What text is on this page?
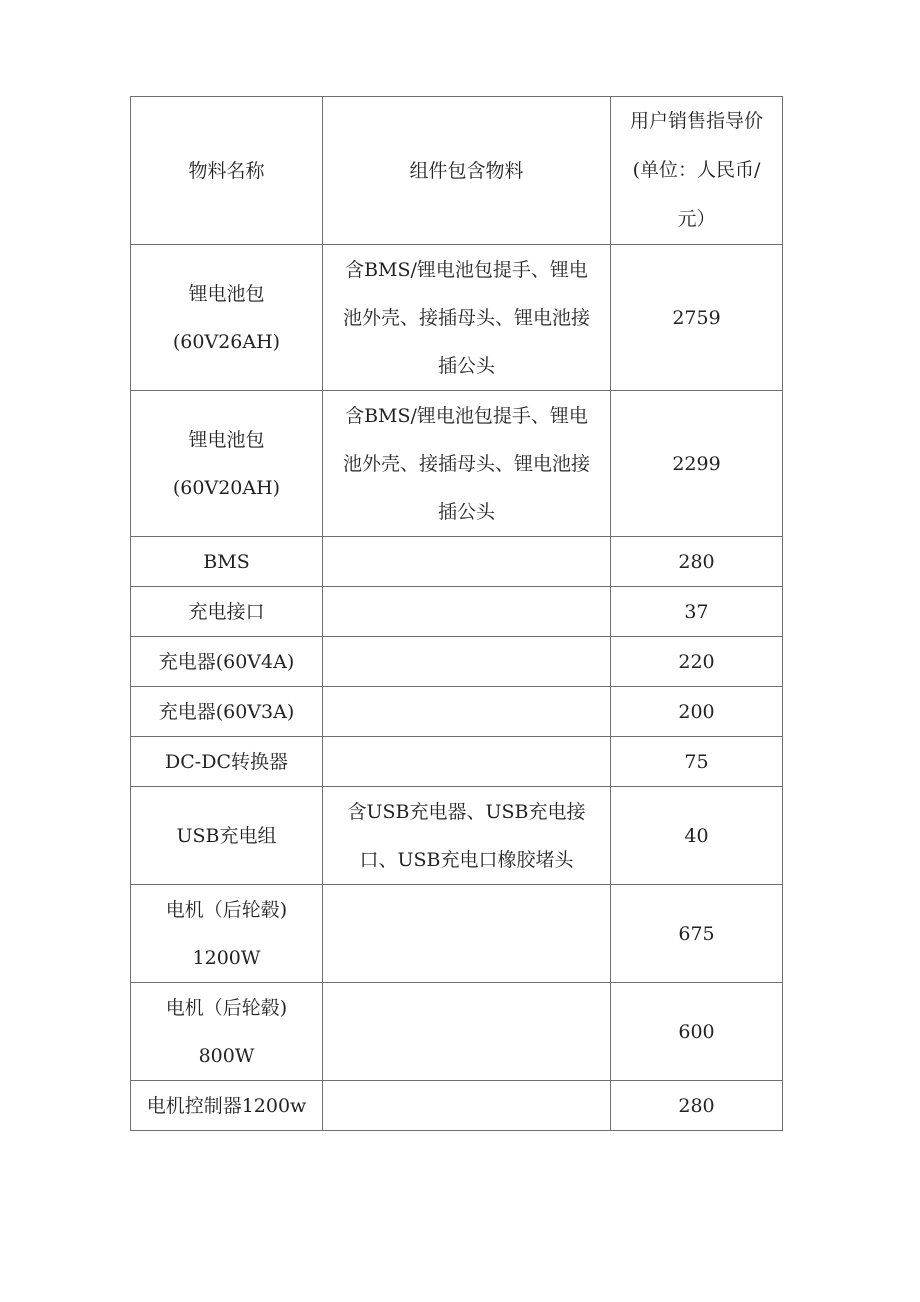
物料名称	组件包含物料	用户销售指导价
(单位：人民币/
元）

锂电池包
(60V26AH)	含BMS/锂电池包提手、锂电
池外壳、接插母头、锂电池接
插公头	2759

锂电池包
(60V20AH)	含BMS/锂电池包提手、锂电
池外壳、接插母头、锂电池接
插公头	2299
BMS		280
充电接口		37
充电器(60V4A)		220
充电器(60V3A)		200
DC-DC转换器		75
USB充电组	含USB充电器、USB充电接
口、USB充电口橡胶堵头	40

电机（后轮毂)
1200W		675

电机（后轮毂)
800W		600
电机控制器1200w		280
